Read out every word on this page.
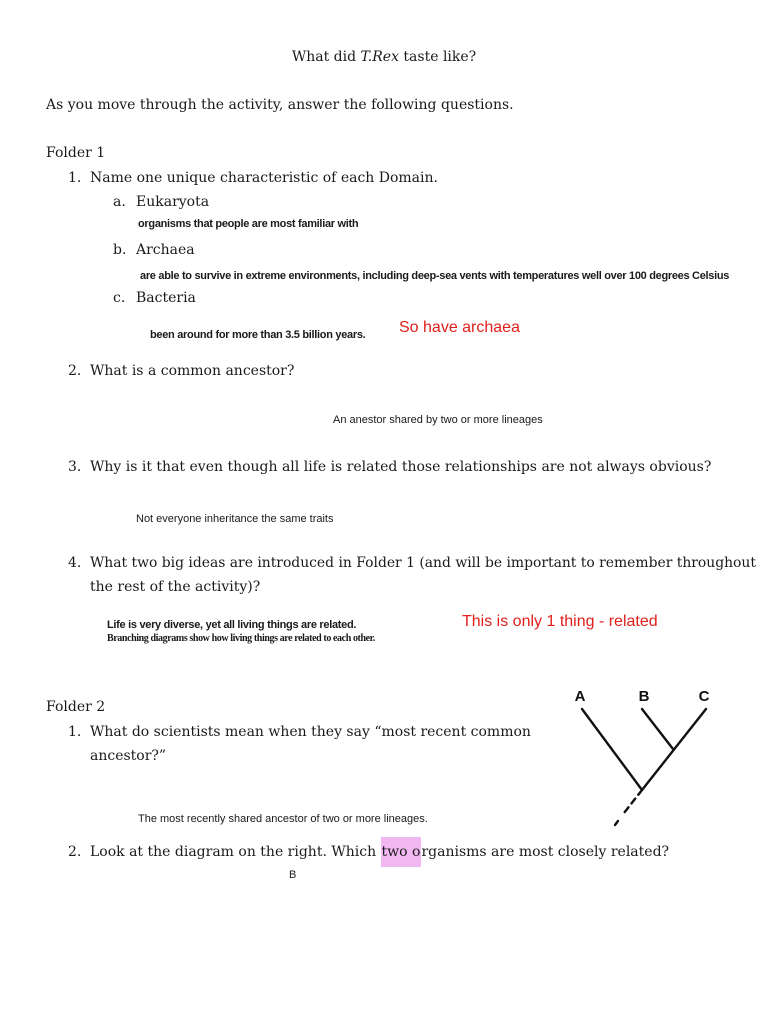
What did T.Rex taste like?
As you move through the activity, answer the following questions.
Folder 1
1. Name one unique characteristic of each Domain.
a. Eukaryota
organisms that people are most familiar with
b. Archaea
are able to survive in extreme environments, including deep-sea vents with temperatures well over 100 degrees Celsius
c. Bacteria
been around for more than 3.5 billion years. So have archaea
2. What is a common ancestor?
An anestor shared by two or more lineages
3. Why is it that even though all life is related those relationships are not always obvious?
Not everyone inheritance the same traits
4. What two big ideas are introduced in Folder 1 (and will be important to remember throughout
the rest of the activity)?
Life is very diverse, yet all living things are related.
Branching diagrams show how living things are related to each other.
This is only 1 thing - related
Folder 2
1. What do scientists mean when they say “most recent common
ancestor?”
The most recently shared ancestor of two or more lineages.
2. Look at the diagram on the right. Which two organisms are most closely related?
B
A	B	C
